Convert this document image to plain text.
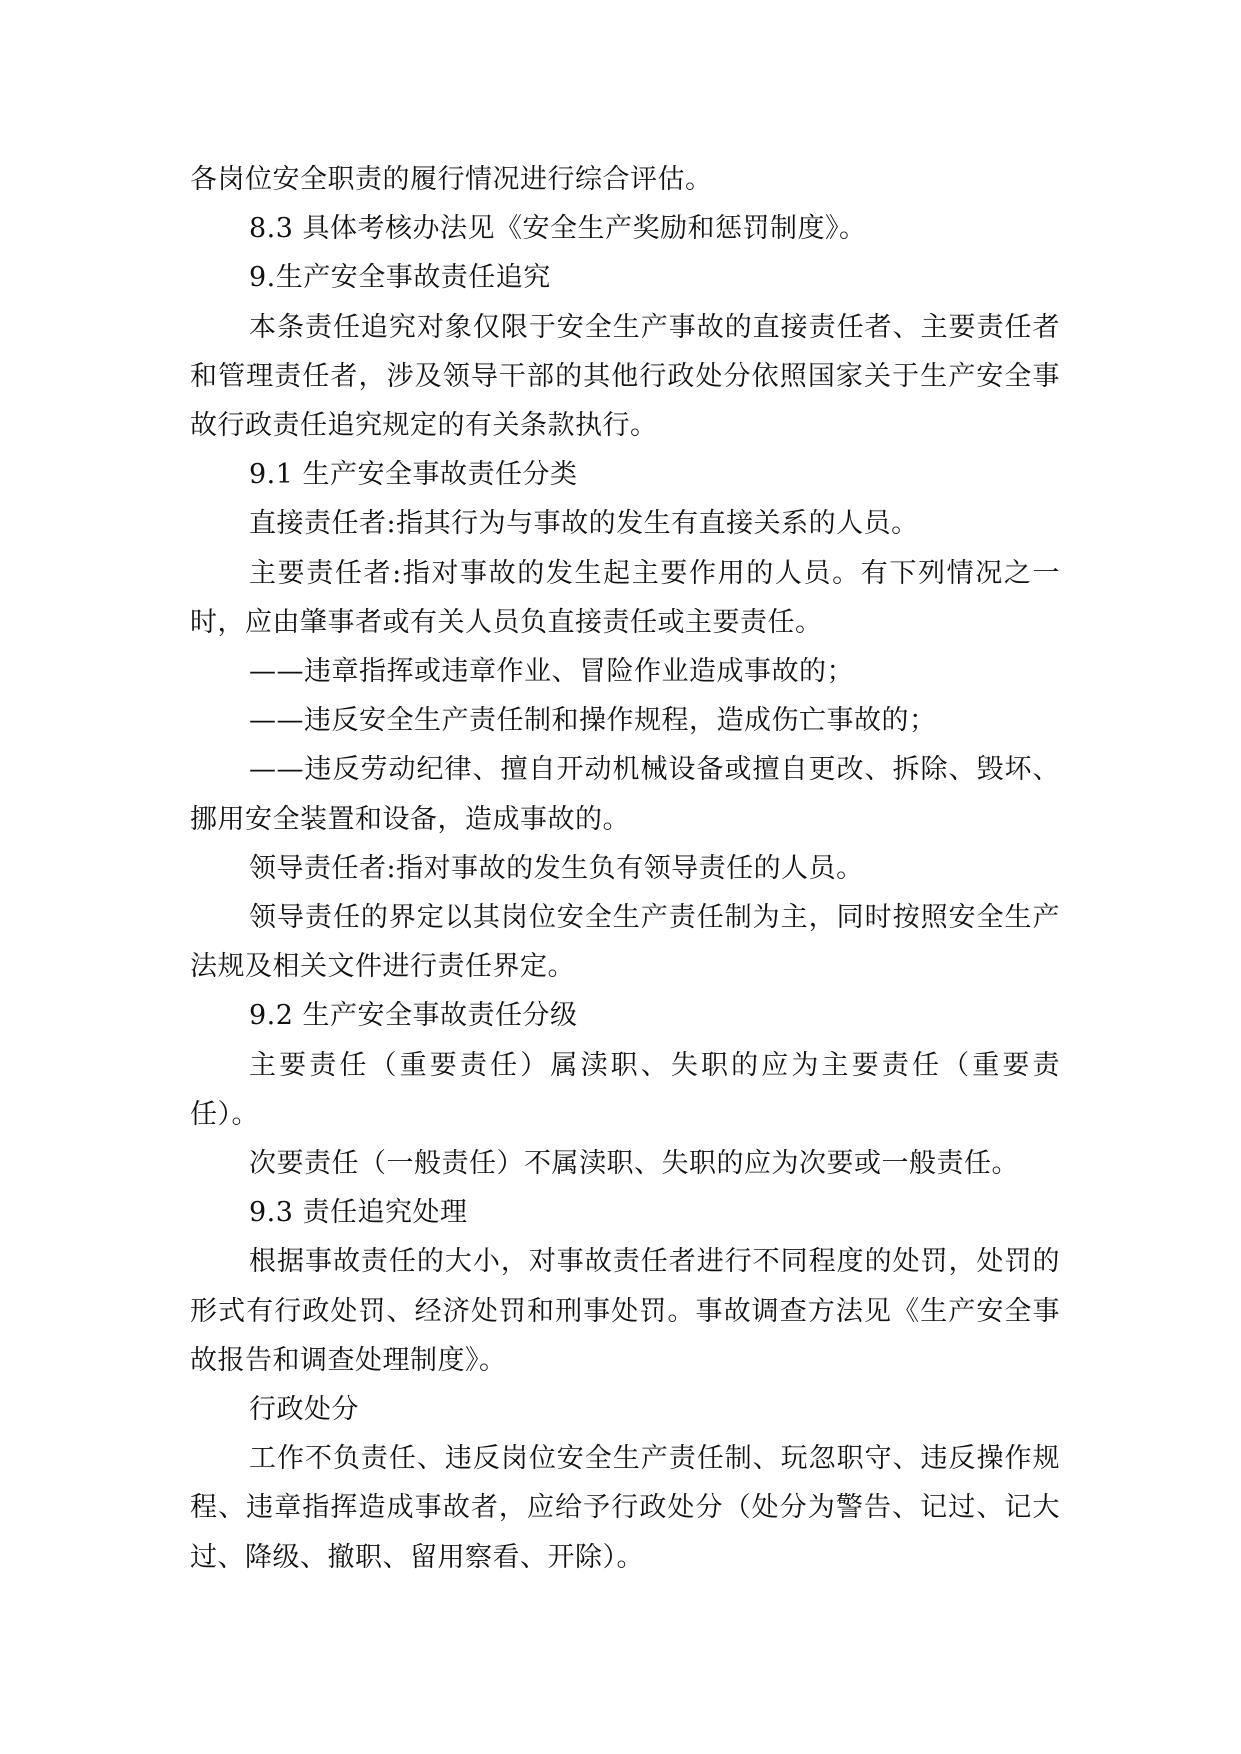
各岗位安全职责的履行情况进行综合评估。

8.3 具体考核办法见《安全生产奖励和惩罚制度》。

9.生产安全事故责任追究

本条责任追究对象仅限于安全生产事故的直接责任者、主要责任者和管理责任者，涉及领导干部的其他行政处分依照国家关于生产安全事故行政责任追究规定的有关条款执行。

9.1 生产安全事故责任分类

直接责任者:指其行为与事故的发生有直接关系的人员。

主要责任者:指对事故的发生起主要作用的人员。有下列情况之一时，应由肇事者或有关人员负直接责任或主要责任。

——违章指挥或违章作业、冒险作业造成事故的；

——违反安全生产责任制和操作规程，造成伤亡事故的；

——违反劳动纪律、擅自开动机械设备或擅自更改、拆除、毁坏、挪用安全装置和设备，造成事故的。

领导责任者:指对事故的发生负有领导责任的人员。

领导责任的界定以其岗位安全生产责任制为主，同时按照安全生产法规及相关文件进行责任界定。

9.2 生产安全事故责任分级

主要责任（重要责任）属渎职、失职的应为主要责任（重要责任）。

次要责任（一般责任）不属渎职、失职的应为次要或一般责任。

9.3 责任追究处理

根据事故责任的大小，对事故责任者进行不同程度的处罚，处罚的形式有行政处罚、经济处罚和刑事处罚。事故调查方法见《生产安全事故报告和调查处理制度》。

行政处分

工作不负责任、违反岗位安全生产责任制、玩忽职守、违反操作规程、违章指挥造成事故者，应给予行政处分（处分为警告、记过、记大过、降级、撤职、留用察看、开除）。
